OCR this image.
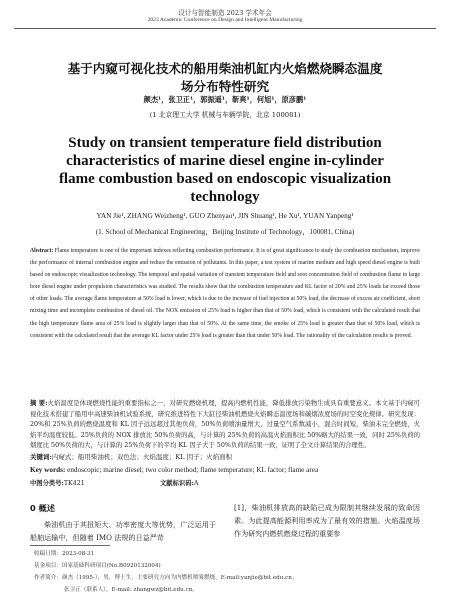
设计与智能制造 2023 学术年会
2023 Academic Conference on Design and Intelligent Manufacturing
基于内窥可视化技术的船用柴油机缸内火焰燃烧瞬态温度
场分布特性研究
颜杰¹，张卫正¹，郭振遥¹，靳爽¹，何旭¹，原彦鹏¹
(1 北京理工大学 机械与车辆学院，北京 100081)
Study on transient temperature field distribution
characteristics of marine diesel engine in-cylinder
flame combustion based on endoscopic visualization
technology
YAN Jie¹, ZHANG Weizheng¹, GUO Zhenyao¹, JIN Shuang¹, He Xu¹, YUAN Yanpeng¹
(1. School of Mechanical Engineering，Beijing Institute of Technology，100081, China)
Abstract: Flame temperature is one of the important indexes reflecting combustion performance. It is of great significance to study the combustion mechanism, improve the performance of internal combustion engine and reduce the emission of pollutants. In this paper, a test system of marine medium and high speed diesel engine is built based on endoscopic visualization technology. The temporal and spatial variation of transient temperature field and soot concentration field of combustion flame in large bore diesel engine under propulsion characteristics was studied. The results show that the combustion temperature and KL factor of 20% and 25% loads far exceed those of other loads. The average flame temperature at 50% load is lower, which is due to the increase of fuel injection at 50% load, the decrease of excess air coefficient, short mixing time and incomplete combustion of diesel oil. The NOX emission of 25% load is higher than that of 50% load, which is consistent with the calculated result that the high temperature flame area of 25% load is slightly larger than that of 50%. At the same time, the smoke of 25% load is greater than that of 50% load, which is consistent with the calculated result that the average KL factor under 25% load is greater than that under 50% load. The rationality of the calculation results is proved.
摘 要:火焰温度是体现燃烧性能的重要指标之一，对研究燃烧机理，提高内燃机性能，降低排放污染物生成具有重要意义。本文基于内窥可视化技术搭建了船用中高速柴油机试验系统，研究推进特性下大缸径柴油机燃烧火焰瞬态温度场和碳烟浓度场的时空变化规律。研究发现：20%和 25%负荷的燃烧温度和 KL 因子远远超过其他负荷，50%负荷喷油量增大，过量空气系数减小，混合时间短，柴油未完全燃烧，火焰平均温度较低。25%负荷的 NOX 排放比 50%负荷的高，与计算的 25%负荷的高温火焰面积比 50%略大的结果一致，同时 25%负荷的烟度比 50%负荷的大，与计算的 25%负荷下的平均 KL 因子大于 50%负荷的结果一致，证明了全文计算结果的合理性。
关键词:内窥式；船用柴油机；双色法；火焰温度；KL 因子；火焰面积
Key words: endoscopic; marine diesel; two color method; flame temperature; KL factor; flame area
中图分类号:TK421	文献标识码:A
0 概述
柴油机由于其扭矩大、功率密度大等优势，广泛运用于船舶运输中，但随着 IMO 法规的日益严苛
[1]，柴油机排放高的缺陷已成为限制其继续发展的致命因素。为此提高能源利用率成为了最有效的措施。火焰温度场作为研究内燃机燃烧过程的重要参
收稿日期：2023-08-31
基金项目：国家基础科研项目(No.B0920132004)
作者简介：颜杰（1995-），男，博士生，主要研究方向为内燃机喷雾燃烧，E-mail:yanjie@bit.edu.cn；
张卫正（联系人），E-mail: zhangwz@bit.edu.cn。
